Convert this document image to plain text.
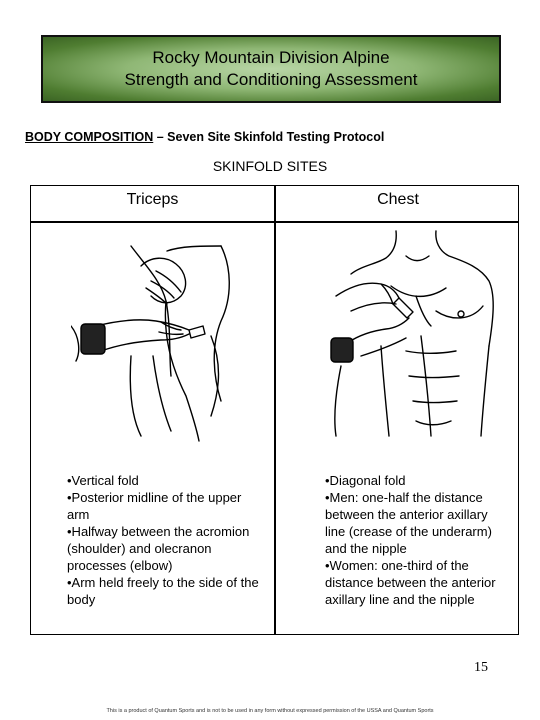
Rocky Mountain Division Alpine
Strength and Conditioning Assessment
BODY COMPOSITION – Seven Site Skinfold Testing Protocol
SKINFOLD SITES
Triceps	Chest
•Vertical fold
•Posterior midline of the upper arm
•Halfway between the acromion (shoulder) and olecranon processes (elbow)
•Arm held freely to the side of the body
•Diagonal fold
•Men: one-half the distance between the anterior axillary line (crease of the underarm) and the nipple
•Women: one-third of the distance between the anterior axillary line and the nipple
15
This is a product of Quantum Sports and is not to be used in any form without expressed permission of the USSA and Quantum Sports
